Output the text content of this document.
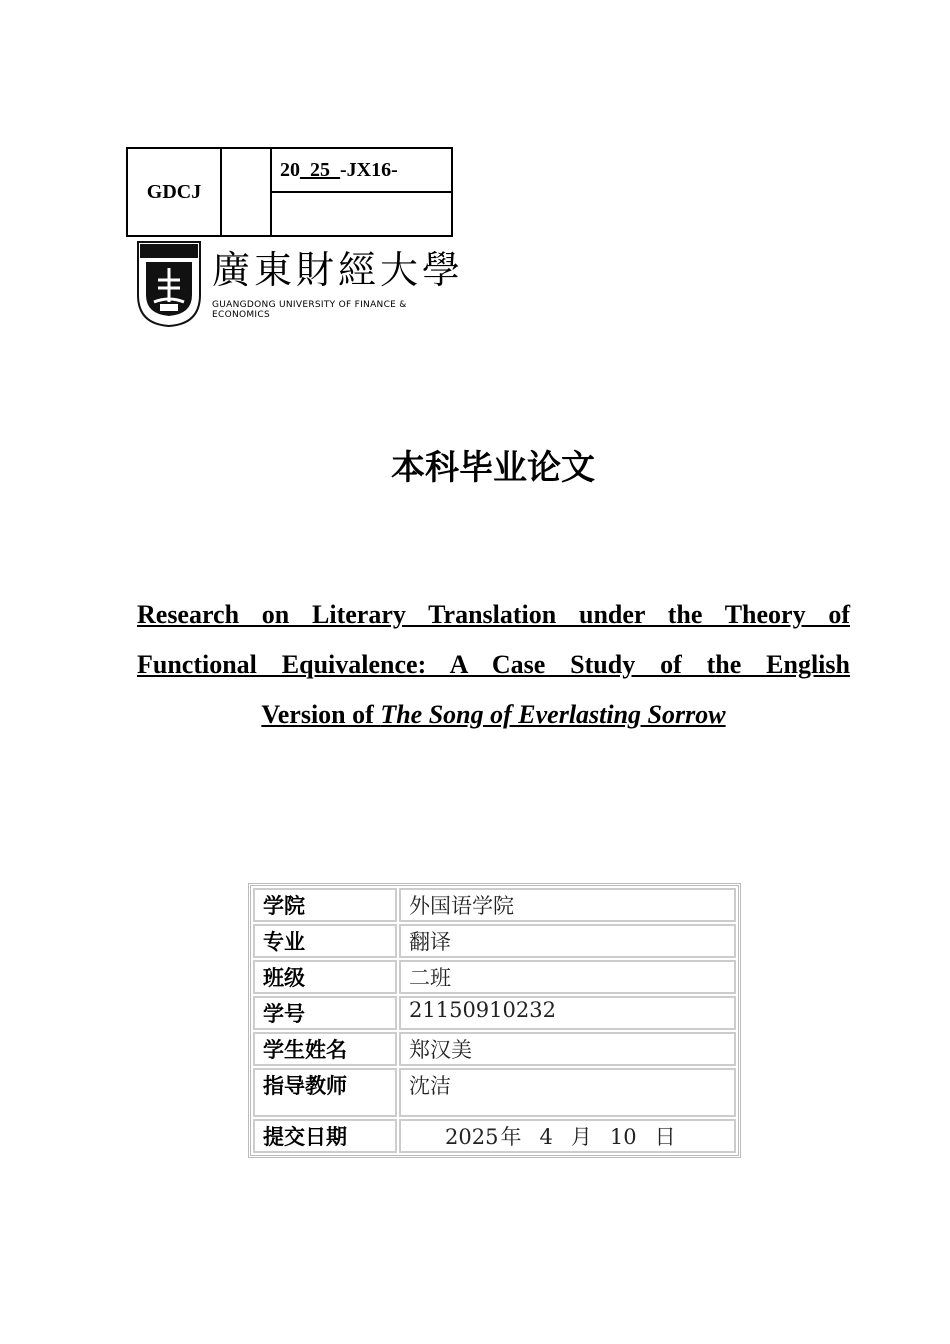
GDCJ		20_25_-JX16-

廣東財經大學
GUANGDONG UNIVERSITY OF FINANCE & ECONOMICS
本科毕业论文
Research on Literary Translation under the Theory of
Functional Equivalence: A Case Study of the English
Version of The Song of Everlasting Sorrow
学院	外国语学院
专业	翻译
班级	二班
学号	21150910232
学生姓名	郑汉美
指导教师	沈洁
提交日期	2025年 4 月 10 日
